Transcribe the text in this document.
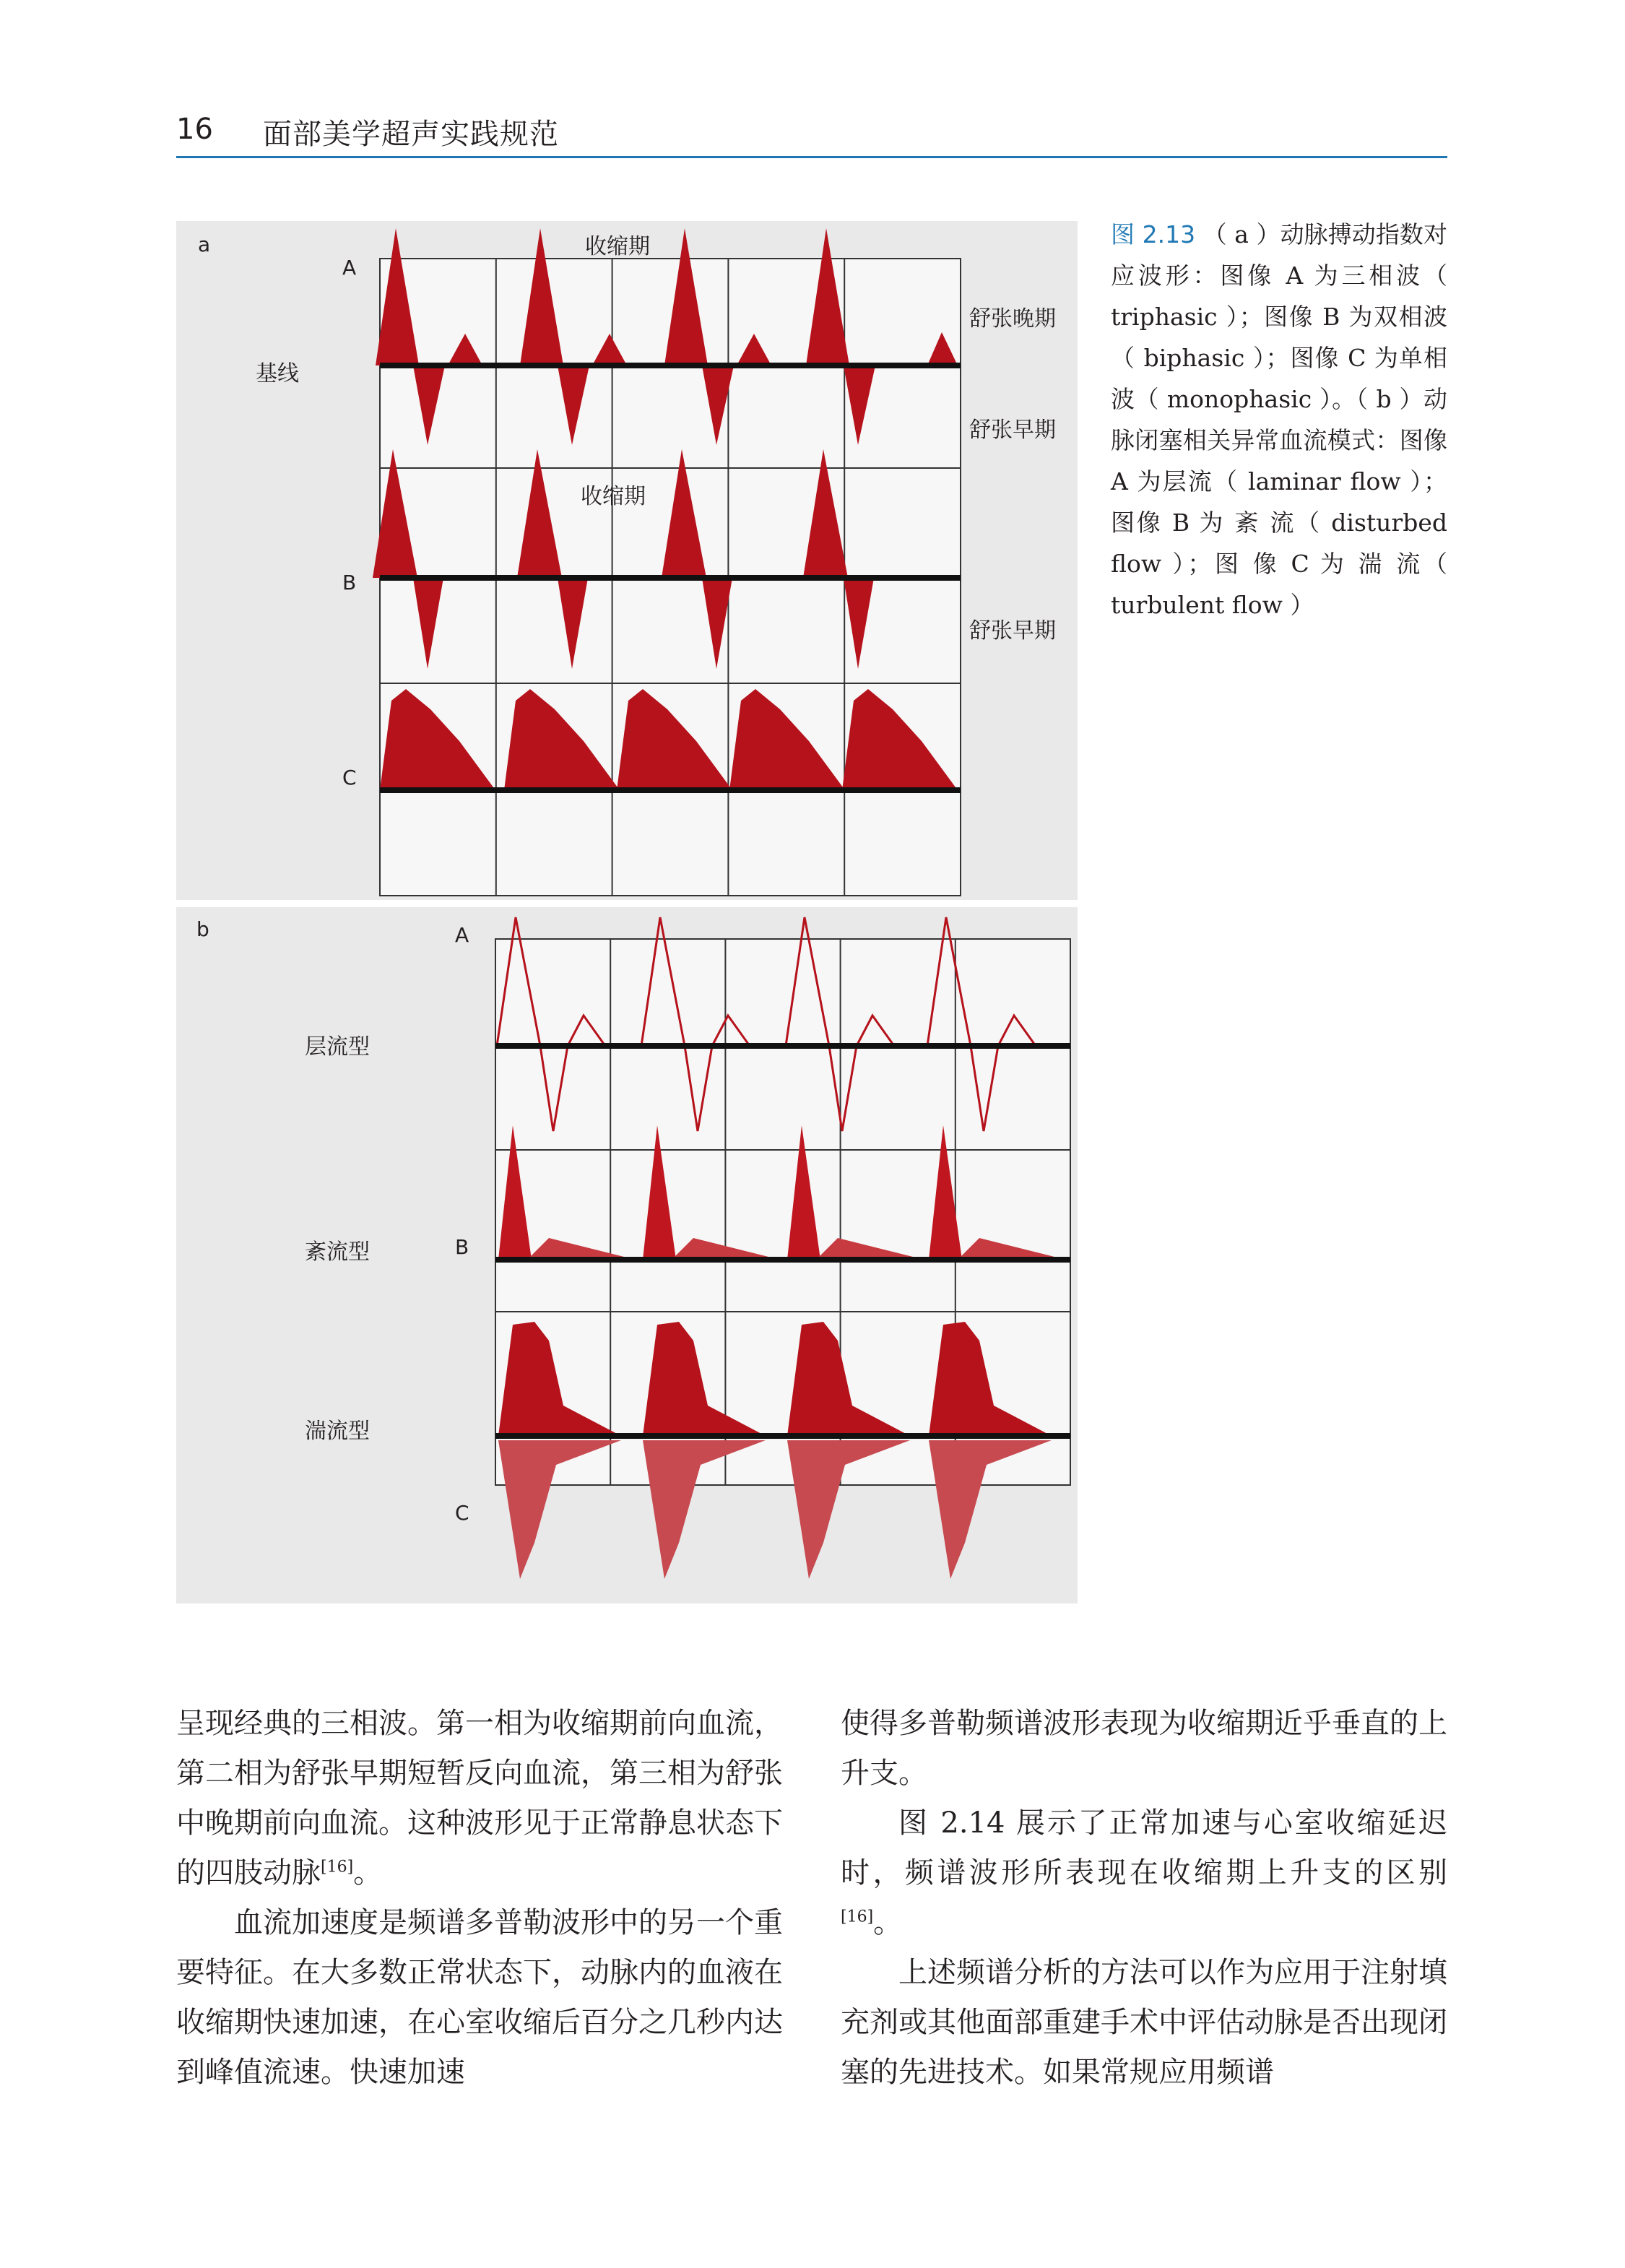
16 面部美学超声实践规范
a
A
B
C
基线
收缩期
舒张晚期
舒张早期
收缩期
舒张早期
b	A
B
C
层流型
紊流型
湍流型
图 2.13 （ a ）动脉搏动指数对应波形：图像 A 为三相波（ triphasic ）；图像 B 为双相波（ biphasic ）；图像 C 为单相波（ monophasic ）。（ b ）动脉闭塞相关异常血流模式：图像 A 为层流（ laminar flow ）；图像 B 为 紊 流（ disturbed flow ）；图 像 C 为 湍 流（ turbulent flow ）

呈现经典的三相波。第一相为收缩期前向血流，第二相为舒张早期短暂反向血流，第三相为舒张中晚期前向血流。这种波形见于正常静息状态下的四肢动脉[16]。

血流加速度是频谱多普勒波形中的另一个重要特征。在大多数正常状态下，动脉内的血液在收缩期快速加速，在心室收缩后百分之几秒内达到峰值流速。快速加速

使得多普勒频谱波形表现为收缩期近乎垂直的上升支。

图 2.14 展示了正常加速与心室收缩延迟时，频谱波形所表现在收缩期上升支的区别[16]。

上述频谱分析的方法可以作为应用于注射填充剂或其他面部重建手术中评估动脉是否出现闭塞的先进技术。如果常规应用频谱
